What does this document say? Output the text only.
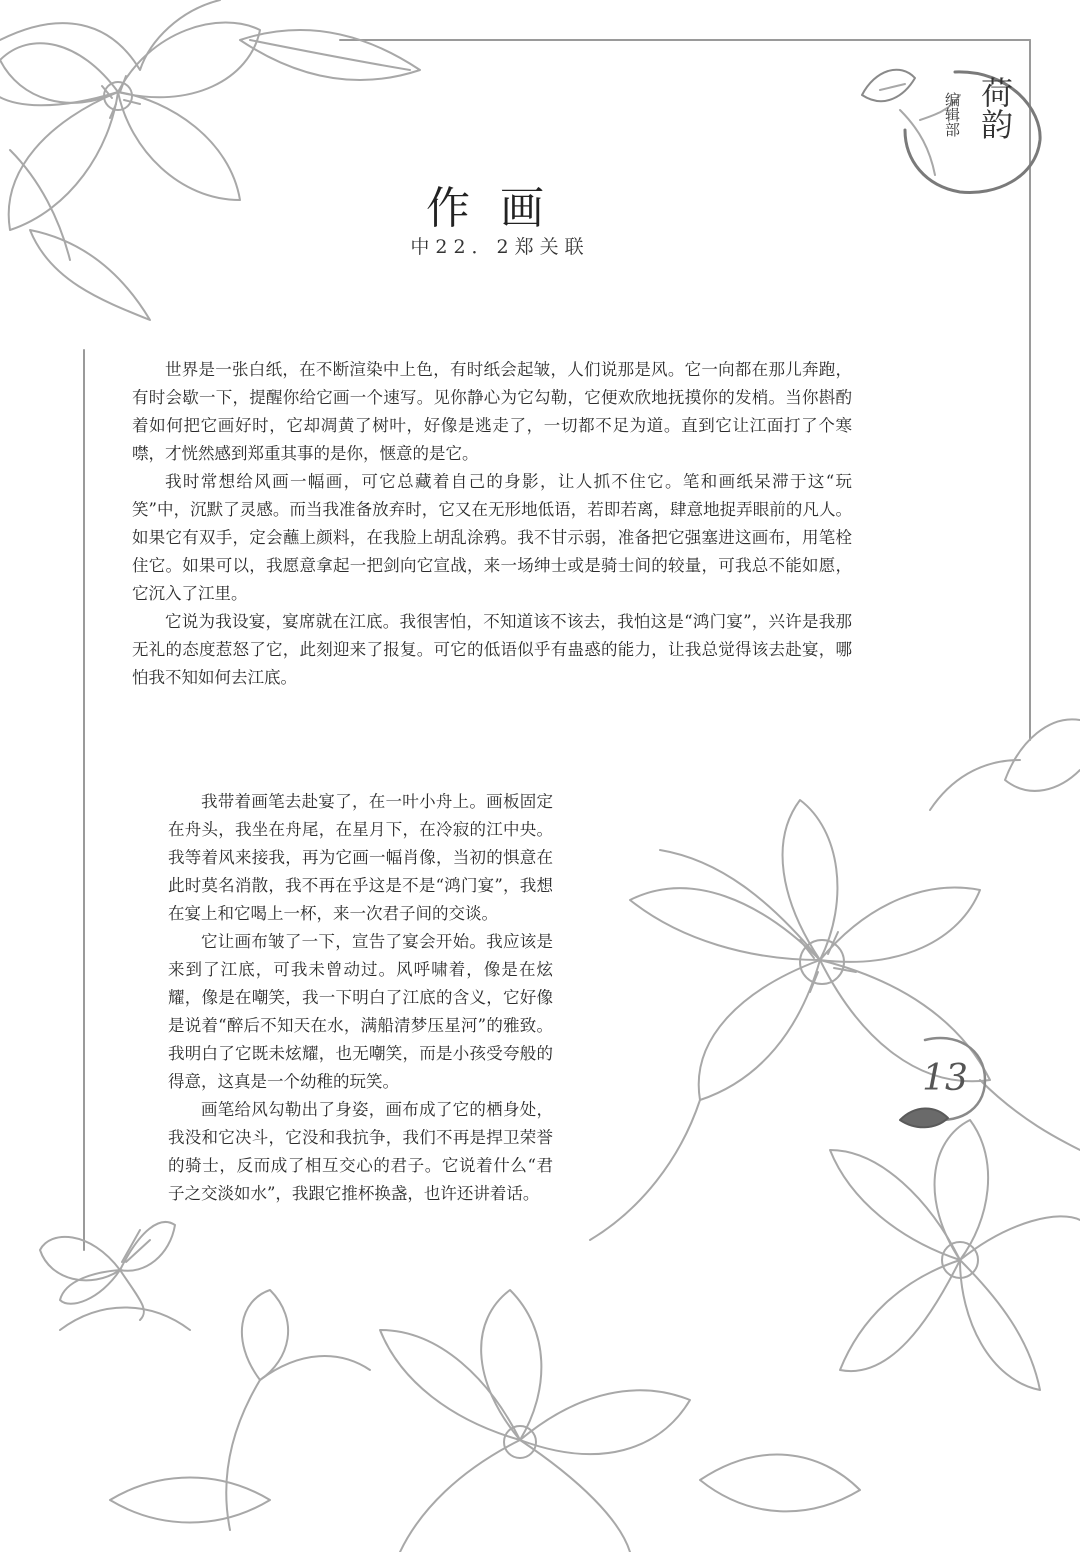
荷韵

编辑部

作画

中22．2郑关联

世界是一张白纸，在不断渲染中上色，有时纸会起皱，人们说那是风。它一向都在那儿奔跑，有时会歇一下，提醒你给它画一个速写。见你静心为它勾勒，它便欢欣地抚摸你的发梢。当你斟酌着如何把它画好时，它却凋黄了树叶，好像是逃走了，一切都不足为道。直到它让江面打了个寒噤，才恍然感到郑重其事的是你，惬意的是它。

我时常想给风画一幅画，可它总藏着自己的身影，让人抓不住它。笔和画纸呆滞于这“玩笑”中，沉默了灵感。而当我准备放弃时，它又在无形地低语，若即若离，肆意地捉弄眼前的凡人。如果它有双手，定会蘸上颜料，在我脸上胡乱涂鸦。我不甘示弱，准备把它强塞进这画布，用笔栓住它。如果可以，我愿意拿起一把剑向它宣战，来一场绅士或是骑士间的较量，可我总不能如愿，它沉入了江里。

它说为我设宴，宴席就在江底。我很害怕，不知道该不该去，我怕这是“鸿门宴”，兴许是我那无礼的态度惹怒了它，此刻迎来了报复。可它的低语似乎有蛊惑的能力，让我总觉得该去赴宴，哪怕我不知如何去江底。

我带着画笔去赴宴了，在一叶小舟上。画板固定在舟头，我坐在舟尾，在星月下，在冷寂的江中央。我等着风来接我，再为它画一幅肖像，当初的惧意在此时莫名消散，我不再在乎这是不是“鸿门宴”，我想在宴上和它喝上一杯，来一次君子间的交谈。

它让画布皱了一下，宣告了宴会开始。我应该是来到了江底，可我未曾动过。风呼啸着，像是在炫耀，像是在嘲笑，我一下明白了江底的含义，它好像是说着“醉后不知天在水，满船清梦压星河”的雅致。我明白了它既未炫耀，也无嘲笑，而是小孩受夸般的得意，这真是一个幼稚的玩笑。

画笔给风勾勒出了身姿，画布成了它的栖身处，我没和它决斗，它没和我抗争，我们不再是捍卫荣誉的骑士，反而成了相互交心的君子。它说着什么“君子之交淡如水”，我跟它推杯换盏，也许还讲着话。

13
